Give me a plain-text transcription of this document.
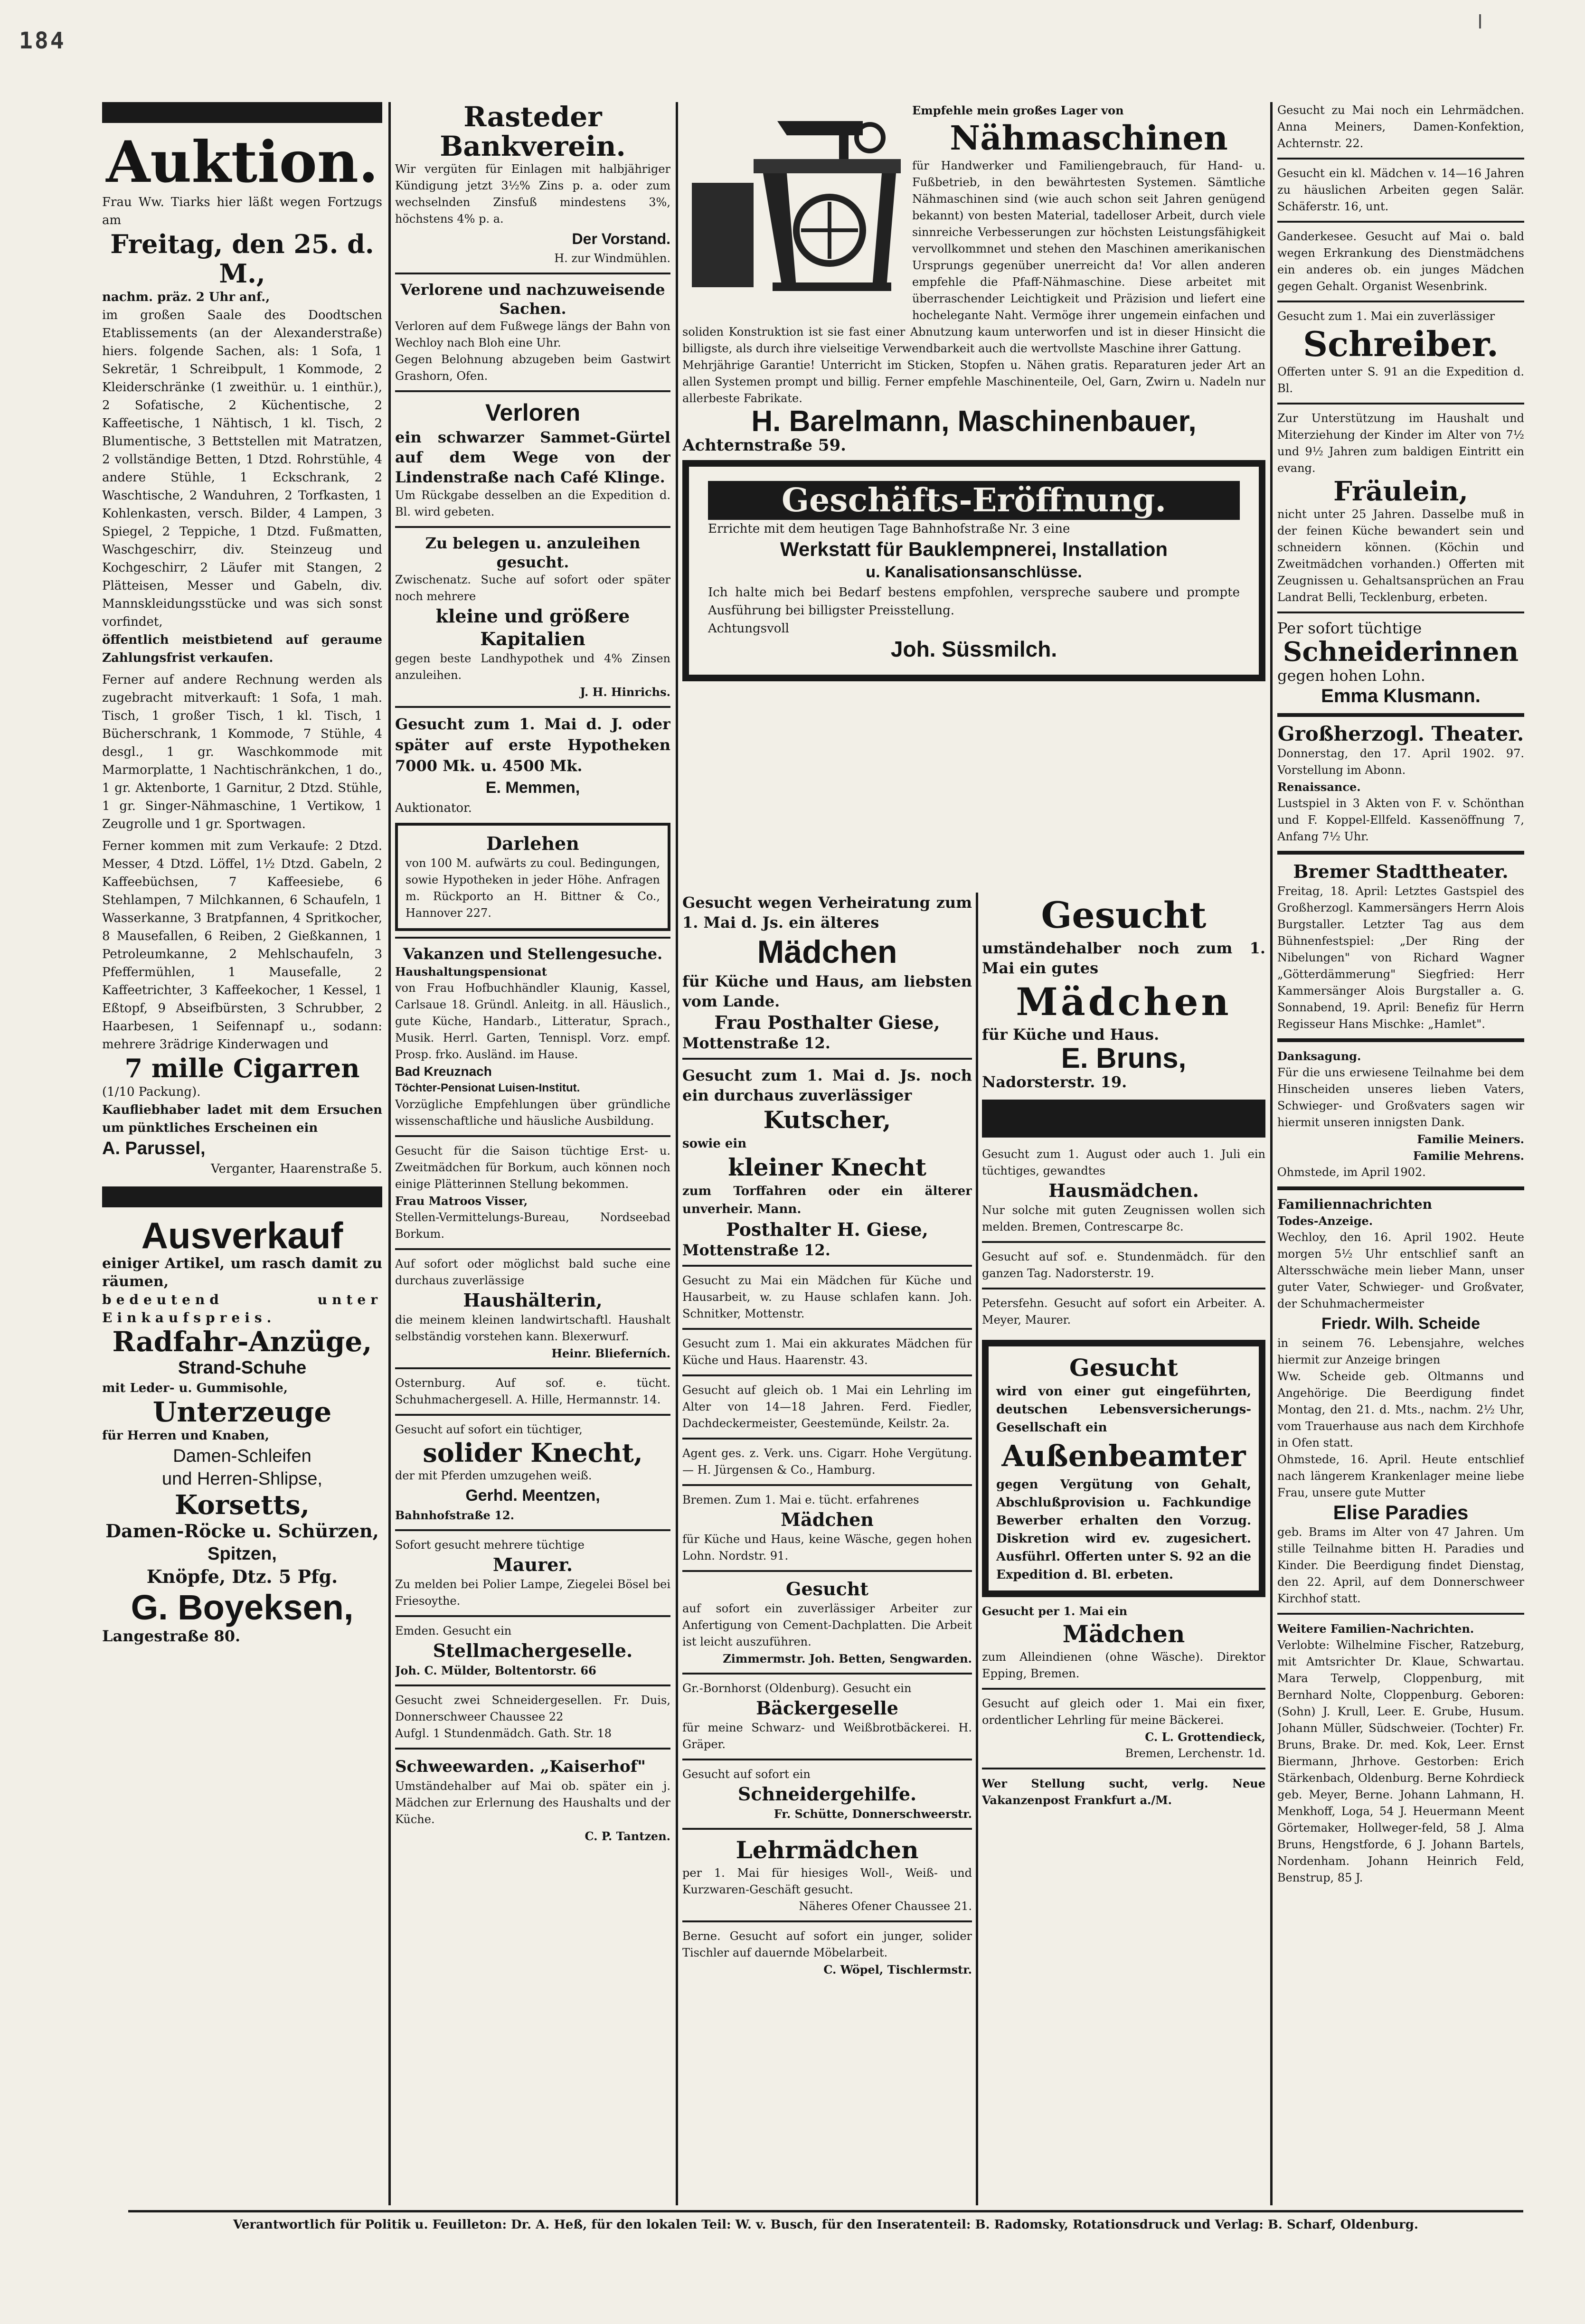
184

Auktion.

Frau Ww. Tiarks hier läßt wegen Fortzugs am

Freitag, den 25. d. M.,

nachm. präz. 2 Uhr anf.,

im großen Saale des Doodtschen Etablissements (an der Alexanderstraße) hiers. folgende Sachen, als: 1 Sofa, 1 Sekretär, 1 Schreibpult, 1 Kommode, 2 Kleiderschränke (1 zweithür. u. 1 einthür.), 2 Sofatische, 2 Küchentische, 2 Kaffeetische, 1 Nähtisch, 1 kl. Tisch, 2 Blumentische, 3 Bettstellen mit Matratzen, 2 vollständige Betten, 1 Dtzd. Rohrstühle, 4 andere Stühle, 1 Eckschrank, 2 Waschtische, 2 Wanduhren, 2 Torfkasten, 1 Kohlenkasten, versch. Bilder, 4 Lampen, 3 Spiegel, 2 Teppiche, 1 Dtzd. Fußmatten, Waschgeschirr, div. Steinzeug und Kochgeschirr, 2 Läufer mit Stangen, 2 Plätteisen, Messer und Gabeln, div. Mannskleidungsstücke und was sich sonst vorfindet,

öffentlich meistbietend auf geraume Zahlungsfrist verkaufen.

Ferner auf andere Rechnung werden als zugebracht mitverkauft: 1 Sofa, 1 mah. Tisch, 1 großer Tisch, 1 kl. Tisch, 1 Bücherschrank, 1 Kommode, 7 Stühle, 4 desgl., 1 gr. Waschkommode mit Marmorplatte, 1 Nachtischränkchen, 1 do., 1 gr. Aktenborte, 1 Garnitur, 2 Dtzd. Stühle, 1 gr. Singer-Nähmaschine, 1 Vertikow, 1 Zeugrolle und 1 gr. Sportwagen.

Ferner kommen mit zum Verkaufe: 2 Dtzd. Messer, 4 Dtzd. Löffel, 1½ Dtzd. Gabeln, 2 Kaffeebüchsen, 7 Kaffeesiebe, 6 Stehlampen, 7 Milchkannen, 6 Schaufeln, 1 Wasserkanne, 3 Bratpfannen, 4 Spritkocher, 8 Mausefallen, 6 Reiben, 2 Gießkannen, 1 Petroleumkanne, 2 Mehlschaufeln, 3 Pfeffermühlen, 1 Mausefalle, 2 Kaffeetrichter, 3 Kaffeekocher, 1 Kessel, 1 Eßtopf, 9 Abseifbürsten, 3 Schrubber, 2 Haarbesen, 1 Seifennapf u., sodann: mehrere 3rädrige Kinderwagen und

7 mille Cigarren

(1/10 Packung).

Kaufliebhaber ladet mit dem Ersuchen um pünktliches Erscheinen ein

A. Parussel,

Verganter, Haarenstraße 5.

Ausverkauf

einiger Artikel, um rasch damit zu räumen,

bedeutend unter Einkaufspreis.

Radfahr-Anzüge,

Strand-Schuhe

mit Leder- u. Gummisohle,

Unterzeuge

für Herren und Knaben,

Damen-Schleifen

und Herren-Shlipse,

Korsetts,

Damen-Röcke u. Schürzen,

Spitzen,

Knöpfe, Dtz. 5 Pfg.

G. Boyeksen,

Langestraße 80.

Rasteder

Bankverein.

Wir vergüten für Einlagen mit halbjähriger Kündigung jetzt 3½% Zins p. a. oder zum wechselnden Zinsfuß mindestens 3%, höchstens 4% p. a.

Der Vorstand.

H. zur Windmühlen.

Verlorene und nachzuweisende Sachen.

Verloren auf dem Fußwege längs der Bahn von Wechloy nach Bloh eine Uhr.

Gegen Belohnung abzugeben beim Gastwirt Grashorn, Ofen.

Verloren

ein schwarzer Sammet-Gürtel auf dem Wege von der Lindenstraße nach Café Klinge.

Um Rückgabe desselben an die Expedition d. Bl. wird gebeten.

Zu belegen u. anzuleihen gesucht.

Zwischenatz. Suche auf sofort oder später noch mehrere

kleine und größere Kapitalien

gegen beste Landhypothek und 4% Zinsen anzuleihen.

J. H. Hinrichs.

Gesucht zum 1. Mai d. J. oder später auf erste Hypotheken 7000 Mk. u. 4500 Mk.

E. Memmen,

Auktionator.

Darlehen

von 100 M. aufwärts zu coul. Bedingungen, sowie Hypotheken in jeder Höhe. Anfragen m. Rückporto an H. Bittner & Co., Hannover 227.

Vakanzen und Stellengesuche.

Haushaltungspensionat

von Frau Hofbuchhändler Klaunig, Kassel, Carlsaue 18. Gründl. Anleitg. in all. Häuslich., gute Küche, Handarb., Litteratur, Sprach., Musik. Herrl. Garten, Tennispl. Vorz. empf. Prosp. frko. Ausländ. im Hause.

Bad Kreuznach

Töchter-Pensionat Luisen-Institut.

Vorzügliche Empfehlungen über gründliche wissenschaftliche und häusliche Ausbildung.

Gesucht für die Saison tüchtige Erst- u. Zweitmädchen für Borkum, auch können noch einige Plätterinnen Stellung bekommen.

Frau Matroos Visser,

Stellen-Vermittelungs-Bureau, Nordseebad Borkum.

Auf sofort oder möglichst bald suche eine durchaus zuverlässige

Haushälterin,

die meinem kleinen landwirtschaftl. Haushalt selbständig vorstehen kann. Blexerwurf.

Heinr. Blieferních.

Osternburg. Auf sof. e. tücht. Schuhmachergesell. A. Hille, Hermannstr. 14.

Gesucht auf sofort ein tüchtiger,

solider Knecht,

der mit Pferden umzugehen weiß.

Gerhd. Meentzen,

Bahnhofstraße 12.

Sofort gesucht mehrere tüchtige

Maurer.

Zu melden bei Polier Lampe, Ziegelei Bösel bei Friesoythe.

Emden. Gesucht ein

Stellmachergeselle.

Joh. C. Mülder, Boltentorstr. 66

Gesucht zwei Schneidergesellen. Fr. Duis, Donnerschweer Chaussee 22

Aufgl. 1 Stundenmädch. Gath. Str. 18

Schweewarden. „Kaiserhof"

Umständehalber auf Mai ob. später ein j. Mädchen zur Erlernung des Haushalts und der Küche.

C. P. Tantzen.

Empfehle mein großes Lager von

Nähmaschinen

für Handwerker und Familiengebrauch, für Hand- u. Fußbetrieb, in den bewährtesten Systemen. Sämtliche Nähmaschinen sind (wie auch schon seit Jahren genügend bekannt) von besten Material, tadelloser Arbeit, durch viele sinnreiche Verbesserungen zur höchsten Leistungsfähigkeit vervollkommnet und stehen den Maschinen amerikanischen Ursprungs gegenüber unerreicht da! Vor allen anderen empfehle die Pfaff-Nähmaschine. Diese arbeitet mit überraschender Leichtigkeit und Präzision und liefert eine hochelegante Naht. Vermöge ihrer ungemein einfachen und soliden Konstruktion ist sie fast einer Abnutzung kaum unterworfen und ist in dieser Hinsicht die billigste, als durch ihre vielseitige Verwendbarkeit auch die wertvollste Maschine ihrer Gattung.

Mehrjährige Garantie! Unterricht im Sticken, Stopfen u. Nähen gratis. Reparaturen jeder Art an allen Systemen prompt und billig. Ferner empfehle Maschinenteile, Oel, Garn, Zwirn u. Nadeln nur allerbeste Fabrikate.

H. Barelmann, Maschinenbauer,

Achternstraße 59.

Geschäfts-Eröffnung.

Errichte mit dem heutigen Tage Bahnhofstraße Nr. 3 eine

Werkstatt für Bauklempnerei, Installation

u. Kanalisationsanschlüsse.

Ich halte mich bei Bedarf bestens empfohlen, verspreche saubere und prompte Ausführung bei billigster Preisstellung.

Achtungsvoll

Joh. Süssmilch.

Gesucht wegen Verheiratung zum 1. Mai d. Js. ein älteres

Mädchen

für Küche und Haus, am liebsten vom Lande.

Frau Posthalter Giese,

Mottenstraße 12.

Gesucht zum 1. Mai d. Js. noch ein durchaus zuverlässiger

Kutscher,

sowie ein

kleiner Knecht

zum Torffahren oder ein älterer unverheir. Mann.

Posthalter H. Giese,

Mottenstraße 12.

Gesucht zu Mai ein Mädchen für Küche und Hausarbeit, w. zu Hause schlafen kann. Joh. Schnitker, Mottenstr.

Gesucht zum 1. Mai ein akkurates Mädchen für Küche und Haus. Haarenstr. 43.

Gesucht auf gleich ob. 1 Mai ein Lehrling im Alter von 14—18 Jahren. Ferd. Fiedler, Dachdeckermeister, Geestemünde, Keilstr. 2a.

Agent ges. z. Verk. uns. Cigarr. Hohe Vergütung. — H. Jürgensen & Co., Hamburg.

Bremen. Zum 1. Mai e. tücht. erfahrenes

Mädchen

für Küche und Haus, keine Wäsche, gegen hohen Lohn. Nordstr. 91.

Gesucht

auf sofort ein zuverlässiger Arbeiter zur Anfertigung von Cement-Dachplatten. Die Arbeit ist leicht auszuführen.

Zimmermstr. Joh. Betten, Sengwarden.

Gr.-Bornhorst (Oldenburg). Gesucht ein

Bäckergeselle

für meine Schwarz- und Weißbrotbäckerei. H. Gräper.

Gesucht auf sofort ein

Schneidergehilfe.

Fr. Schütte, Donnerschweerstr.

Lehrmädchen

per 1. Mai für hiesiges Woll-, Weiß- und Kurzwaren-Geschäft gesucht.

Näheres Ofener Chaussee 21.

Berne. Gesucht auf sofort ein junger, solider Tischler auf dauernde Möbelarbeit.

C. Wöpel, Tischlermstr.

Gesucht

umständehalber noch zum 1. Mai ein gutes

Mädchen

für Küche und Haus.

E. Bruns,

Nadorsterstr. 19.

Gesucht zum 1. August oder auch 1. Juli ein tüchtiges, gewandtes

Hausmädchen.

Nur solche mit guten Zeugnissen wollen sich melden. Bremen, Contrescarpe 8c.

Gesucht auf sof. e. Stundenmädch. für den ganzen Tag. Nadorsterstr. 19.

Petersfehn. Gesucht auf sofort ein Arbeiter. A. Meyer, Maurer.

Gesucht

wird von einer gut eingeführten, deutschen Lebensversicherungs-Gesellschaft ein

Außenbeamter

gegen Vergütung von Gehalt, Abschlußprovision u. Fachkundige Bewerber erhalten den Vorzug. Diskretion wird ev. zugesichert. Ausführl. Offerten unter S. 92 an die Expedition d. Bl. erbeten.

Gesucht per 1. Mai ein

Mädchen

zum Alleindienen (ohne Wäsche). Direktor Epping, Bremen.

Gesucht auf gleich oder 1. Mai ein fixer, ordentlicher Lehrling für meine Bäckerei.

C. L. Grottendieck,

Bremen, Lerchenstr. 1d.

Wer Stellung sucht, verlg. Neue Vakanzenpost Frankfurt a./M.

Gesucht zu Mai noch ein Lehrmädchen. Anna Meiners, Damen-Konfektion, Achternstr. 22.

Gesucht ein kl. Mädchen v. 14—16 Jahren zu häuslichen Arbeiten gegen Salär. Schäferstr. 16, unt.

Ganderkesee. Gesucht auf Mai o. bald wegen Erkrankung des Dienstmädchens ein anderes ob. ein junges Mädchen gegen Gehalt. Organist Wesenbrink.

Gesucht zum 1. Mai ein zuverlässiger

Schreiber.

Offerten unter S. 91 an die Expedition d. Bl.

Zur Unterstützung im Haushalt und Miterziehung der Kinder im Alter von 7½ und 9½ Jahren zum baldigen Eintritt ein evang.

Fräulein,

nicht unter 25 Jahren. Dasselbe muß in der feinen Küche bewandert sein und schneidern können. (Köchin und Zweitmädchen vorhanden.) Offerten mit Zeugnissen u. Gehaltsansprüchen an Frau Landrat Belli, Tecklenburg, erbeten.

Per sofort tüchtige

Schneiderinnen

gegen hohen Lohn.

Emma Klusmann.

Großherzogl. Theater.

Donnerstag, den 17. April 1902. 97. Vorstellung im Abonn.

Renaissance.

Lustspiel in 3 Akten von F. v. Schönthan und F. Koppel-Ellfeld. Kassenöffnung 7, Anfang 7½ Uhr.

Bremer Stadttheater.

Freitag, 18. April: Letztes Gastspiel des Großherzogl. Kammersängers Herrn Alois Burgstaller. Letzter Tag aus dem Bühnenfestspiel: „Der Ring der Nibelungen" von Richard Wagner „Götterdämmerung" Siegfried: Herr Kammersänger Alois Burgstaller a. G. Sonnabend, 19. April: Benefiz für Herrn Regisseur Hans Mischke: „Hamlet".

Danksagung.

Für die uns erwiesene Teilnahme bei dem Hinscheiden unseres lieben Vaters, Schwieger- und Großvaters sagen wir hiermit unseren innigsten Dank.

Familie Meiners.

Familie Mehrens.

Ohmstede, im April 1902.

Familiennachrichten

Todes-Anzeige.

Wechloy, den 16. April 1902. Heute morgen 5½ Uhr entschlief sanft an Altersschwäche mein lieber Mann, unser guter Vater, Schwieger- und Großvater, der Schuhmachermeister

Friedr. Wilh. Scheide

in seinem 76. Lebensjahre, welches hiermit zur Anzeige bringen

Ww. Scheide geb. Oltmanns und Angehörige. Die Beerdigung findet Montag, den 21. d. Mts., nachm. 2½ Uhr, vom Trauerhause aus nach dem Kirchhofe in Ofen statt.

Ohmstede, 16. April. Heute entschlief nach längerem Krankenlager meine liebe Frau, unsere gute Mutter

Elise Paradies

geb. Brams im Alter von 47 Jahren. Um stille Teilnahme bitten H. Paradies und Kinder. Die Beerdigung findet Dienstag, den 22. April, auf dem Donnerschweer Kirchhof statt.

Weitere Familien-Nachrichten.

Verlobte: Wilhelmine Fischer, Ratzeburg, mit Amtsrichter Dr. Klaue, Schwartau. Mara Terwelp, Cloppenburg, mit Bernhard Nolte, Cloppenburg. Geboren: (Sohn) J. Krull, Leer. E. Grube, Husum. Johann Müller, Südschweier. (Tochter) Fr. Bruns, Brake. Dr. med. Kok, Leer. Ernst Biermann, Jhrhove. Gestorben: Erich Stärkenbach, Oldenburg. Berne Kohrdieck geb. Meyer, Berne. Johann Lahmann, H. Menkhoff, Loga, 54 J. Heuermann Meent Görtemaker, Hollweger-feld, 58 J. Alma Bruns, Hengstforde, 6 J. Johann Bartels, Nordenham. Johann Heinrich Feld, Benstrup, 85 J.

Verantwortlich für Politik u. Feuilleton: Dr. A. Heß, für den lokalen Teil: W. v. Busch, für den Inseratenteil: B. Radomsky, Rotationsdruck und Verlag: B. Scharf, Oldenburg.
